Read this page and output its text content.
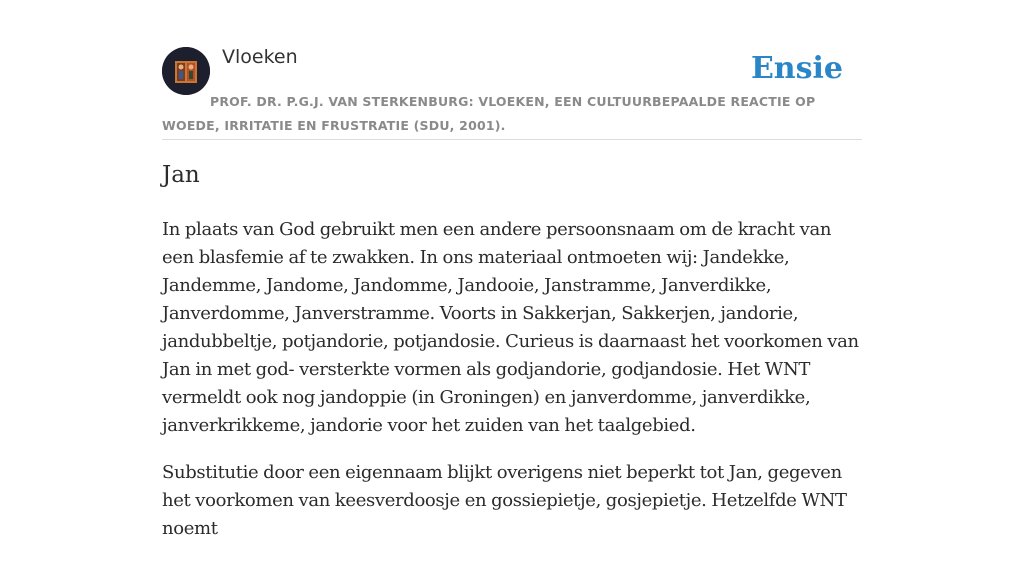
Vloeken	Ensie
PROF. DR. P.G.J. VAN STERKENBURG: VLOEKEN, EEN CULTUURBEPAALDE REACTIE OP WOEDE, IRRITATIE EN FRUSTRATIE (SDU, 2001).
Jan

In plaats van God gebruikt men een andere persoonsnaam om de kracht van een blasfemie af te zwakken. In ons materiaal ontmoeten wij: Jandekke, Jandemme, Jandome, Jandomme, Jandooie, Janstramme, Janverdikke, Janverdomme, Janverstramme. Voorts in Sakkerjan, Sakkerjen, jandorie, jandubbeltje, potjandorie, potjandosie. Curieus is daarnaast het voorkomen van Jan in met god- versterkte vormen als godjandorie, godjandosie. Het WNT vermeldt ook nog jandoppie (in Groningen) en janverdomme, janverdikke, janverkrikkeme, jandorie voor het zuiden van het taalgebied.

Substitutie door een eigennaam blijkt overigens niet beperkt tot Jan, gegeven het voorkomen van keesverdoosje en gossiepietje, gosjepietje. Hetzelfde WNT noemt
